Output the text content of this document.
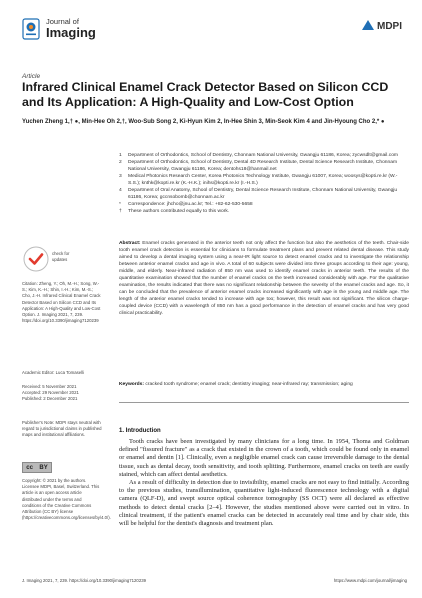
Journal of
Imaging	MDPI
Article
Infrared Clinical Enamel Crack Detector Based on Silicon CCD and Its Application: A High-Quality and Low-Cost Option
Yuchen Zheng 1,† ●, Min-Hee Oh 2,†, Woo-Sub Song 2, Ki-Hyun Kim 2, In-Hee Shin 3, Min-Seok Kim 4 and Jin-Hyoung Cho 2,* ●
1 Department of Orthodontics, School of Dentistry, Chonnam National University, Gwangju 61186, Korea; zycwsdlt@gmail.com
2 Department of Orthodontics, School of Dentistry, Dental 4D Research Institute, Dental Science Research Institute, Chonnam National University, Gwangju 61186, Korea; dentohs18@hanmail.net
3 Medical Photonics Research Center, Korea Photonics Technology Institute, Gwangju 61007, Korea; woosys@kopti.re.kr (W.-S.S.); knthk@kopti.re.kr (K.-H.K.); inihs@kopti.re.kr (I.-H.S.)
4 Department of Oral Anatomy, School of Dentistry, Dental Science Research Institute, Chonnam National University, Gwangju 61186, Korea; gccnsobomb@chonnam.ac.kr
* Correspondence: jhcho@jnu.ac.kr; Tel.: +82-62-530-5658
† These authors contributed equally to this work.
Abstract: Enamel cracks generated in the anterior teeth not only affect the function but also the aesthetics of the teeth. Chair-side tooth enamel crack detection is essential for clinicians to formulate treatment plans and prevent related dental disease. This study aimed to develop a dental imaging system using a near-IR light source to detect enamel cracks and to investigate the relationship between anterior enamel cracks and age in vivo. A total of 60 subjects were divided into three groups according to their age: young, middle, and elderly. Near-infrared radiation of 850 nm was used to identify enamel cracks in anterior teeth. The results of the quantitative examination showed that the number of enamel cracks on the teeth increased considerably with age. For the qualitative examination, the results indicated that there was no significant relationship between the severity of the enamel cracks and age. So, it can be concluded that the prevalence of anterior enamel cracks increased significantly with age in the young and middle age. The length of the anterior enamel cracks tended to increase with age too; however, this result was not significant. The silicon charge-coupled device (CCD) with a wavelength of 850 nm has a good performance in the detection of enamel cracks and has very good clinical practicability.
Keywords: cracked tooth syndrome; enamel crack; dentistry imaging; near-infrared ray; transmission; aging
check for
updates
Citation: Zheng, Y.; Oh, M.-H.; Song, W.-S.; Kim, K.-H.; Shin, I.-H.; Kim, M.-S.; Cho, J.-H. Infrared Clinical Enamel Crack Detector Based on Silicon CCD and Its Application: A High-Quality and Low-Cost Option. J. Imaging 2021, 7, 239. https://doi.org/10.3390/jimaging7120239
Academic Editor: Luca Tomaselli
Received: 5 November 2021
Accepted: 29 November 2021
Published: 2 December 2021
Publisher's Note: MDPI stays neutral with regard to jurisdictional claims in published maps and institutional affiliations.
cc BY
Copyright: © 2021 by the authors. Licensee MDPI, Basel, Switzerland. This article is an open access article distributed under the terms and conditions of the Creative Commons Attribution (CC BY) license (https://creativecommons.org/licenses/by/4.0/).
1. Introduction

Tooth cracks have been investigated by many clinicians for a long time. In 1954, Thoma and Goldman defined "fissured fracture" as a crack that existed in the crown of a tooth, which could be found only in enamel or enamel and dentin [1]. Clinically, even a negligible enamel crack can cause irreversible damage to the dental tissue, such as dental decay, tooth sensitivity, and tooth splitting. Furthermore, enamel cracks on teeth are easily stained, which can affect dental aesthetics.

As a result of difficulty in detection due to invisibility, enamel cracks are not easy to find initially. According to the previous studies, transillumination, quantitative light-induced fluorescence technology with a digital camera (QLF-D), and swept source optical coherence tomography (SS OCT) were all declared as effective methods to detect dental cracks [2–4]. However, the studies mentioned above were carried out in vitro. In clinical treatment, if the patient's enamel cracks can be detected in accurately real time and by chair side, this will be helpful for the dentist's diagnosis and treatment plan.

J. Imaging 2021, 7, 239. https://doi.org/10.3390/jimaging7120239	https://www.mdpi.com/journal/jimaging
